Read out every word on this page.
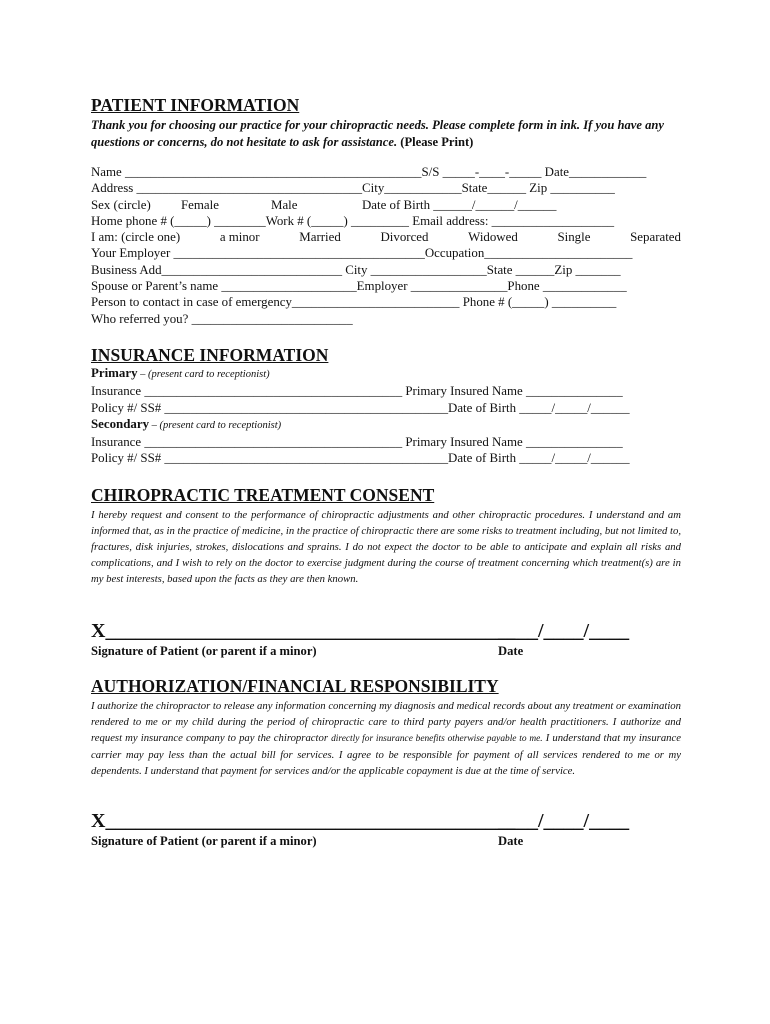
PATIENT INFORMATION
Thank you for choosing our practice for your chiropractic needs. Please complete form in ink. If you have any questions or concerns, do not hesitate to ask for assistance. (Please Print)
Name ______________________________________________S/S _____-____-_____ Date____________
Address ___________________________________City____________State______ Zip __________
Sex (circle)	Female	Male	Date of Birth ______/______/______
Home phone # (_____) ________Work # (_____) _________ Email address: ___________________
I am: (circle one)	a minor	Married	Divorced	Widowed	Single	Separated
Your Employer _______________________________________Occupation_______________________
Business Add____________________________ City __________________State ______Zip _______
Spouse or Parent’s name _____________________Employer _______________Phone _____________
Person to contact in case of emergency__________________________ Phone # (_____) __________
Who referred you? _________________________
INSURANCE INFORMATION
Primary – (present card to receptionist)
Insurance ________________________________________ Primary Insured Name _______________
Policy #/ SS# ____________________________________________Date of Birth _____/_____/______
Secondary – (present card to receptionist)
Insurance ________________________________________ Primary Insured Name _______________
Policy #/ SS# ____________________________________________Date of Birth _____/_____/______
CHIROPRACTIC TREATMENT CONSENT
I hereby request and consent to the performance of chiropractic adjustments and other chiropractic procedures. I understand and am informed that, as in the practice of medicine, in the practice of chiropractic there are some risks to treatment including, but not limited to, fractures, disk injuries, strokes, dislocations and sprains. I do not expect the doctor to be able to anticipate and explain all risks and complications, and I wish to rely on the doctor to exercise judgment during the course of treatment concerning which treatment(s) are in my best interests, based upon the facts as they are then known.
X_________________________________________
____/____/____
Signature of Patient (or parent if a minor)	Date
AUTHORIZATION/FINANCIAL RESPONSIBILITY
I authorize the chiropractor to release any information concerning my diagnosis and medical records about any treatment or examination rendered to me or my child during the period of chiropractic care to third party payers and/or health practitioners. I authorize and request my insurance company to pay the chiropractor directly for insurance benefits otherwise payable to me. I understand that my insurance carrier may pay less than the actual bill for services. I agree to be responsible for payment of all services rendered to me or my dependents. I understand that payment for services and/or the applicable copayment is due at the time of service.
X_________________________________________
____/____/____
Signature of Patient (or parent if a minor)	Date
